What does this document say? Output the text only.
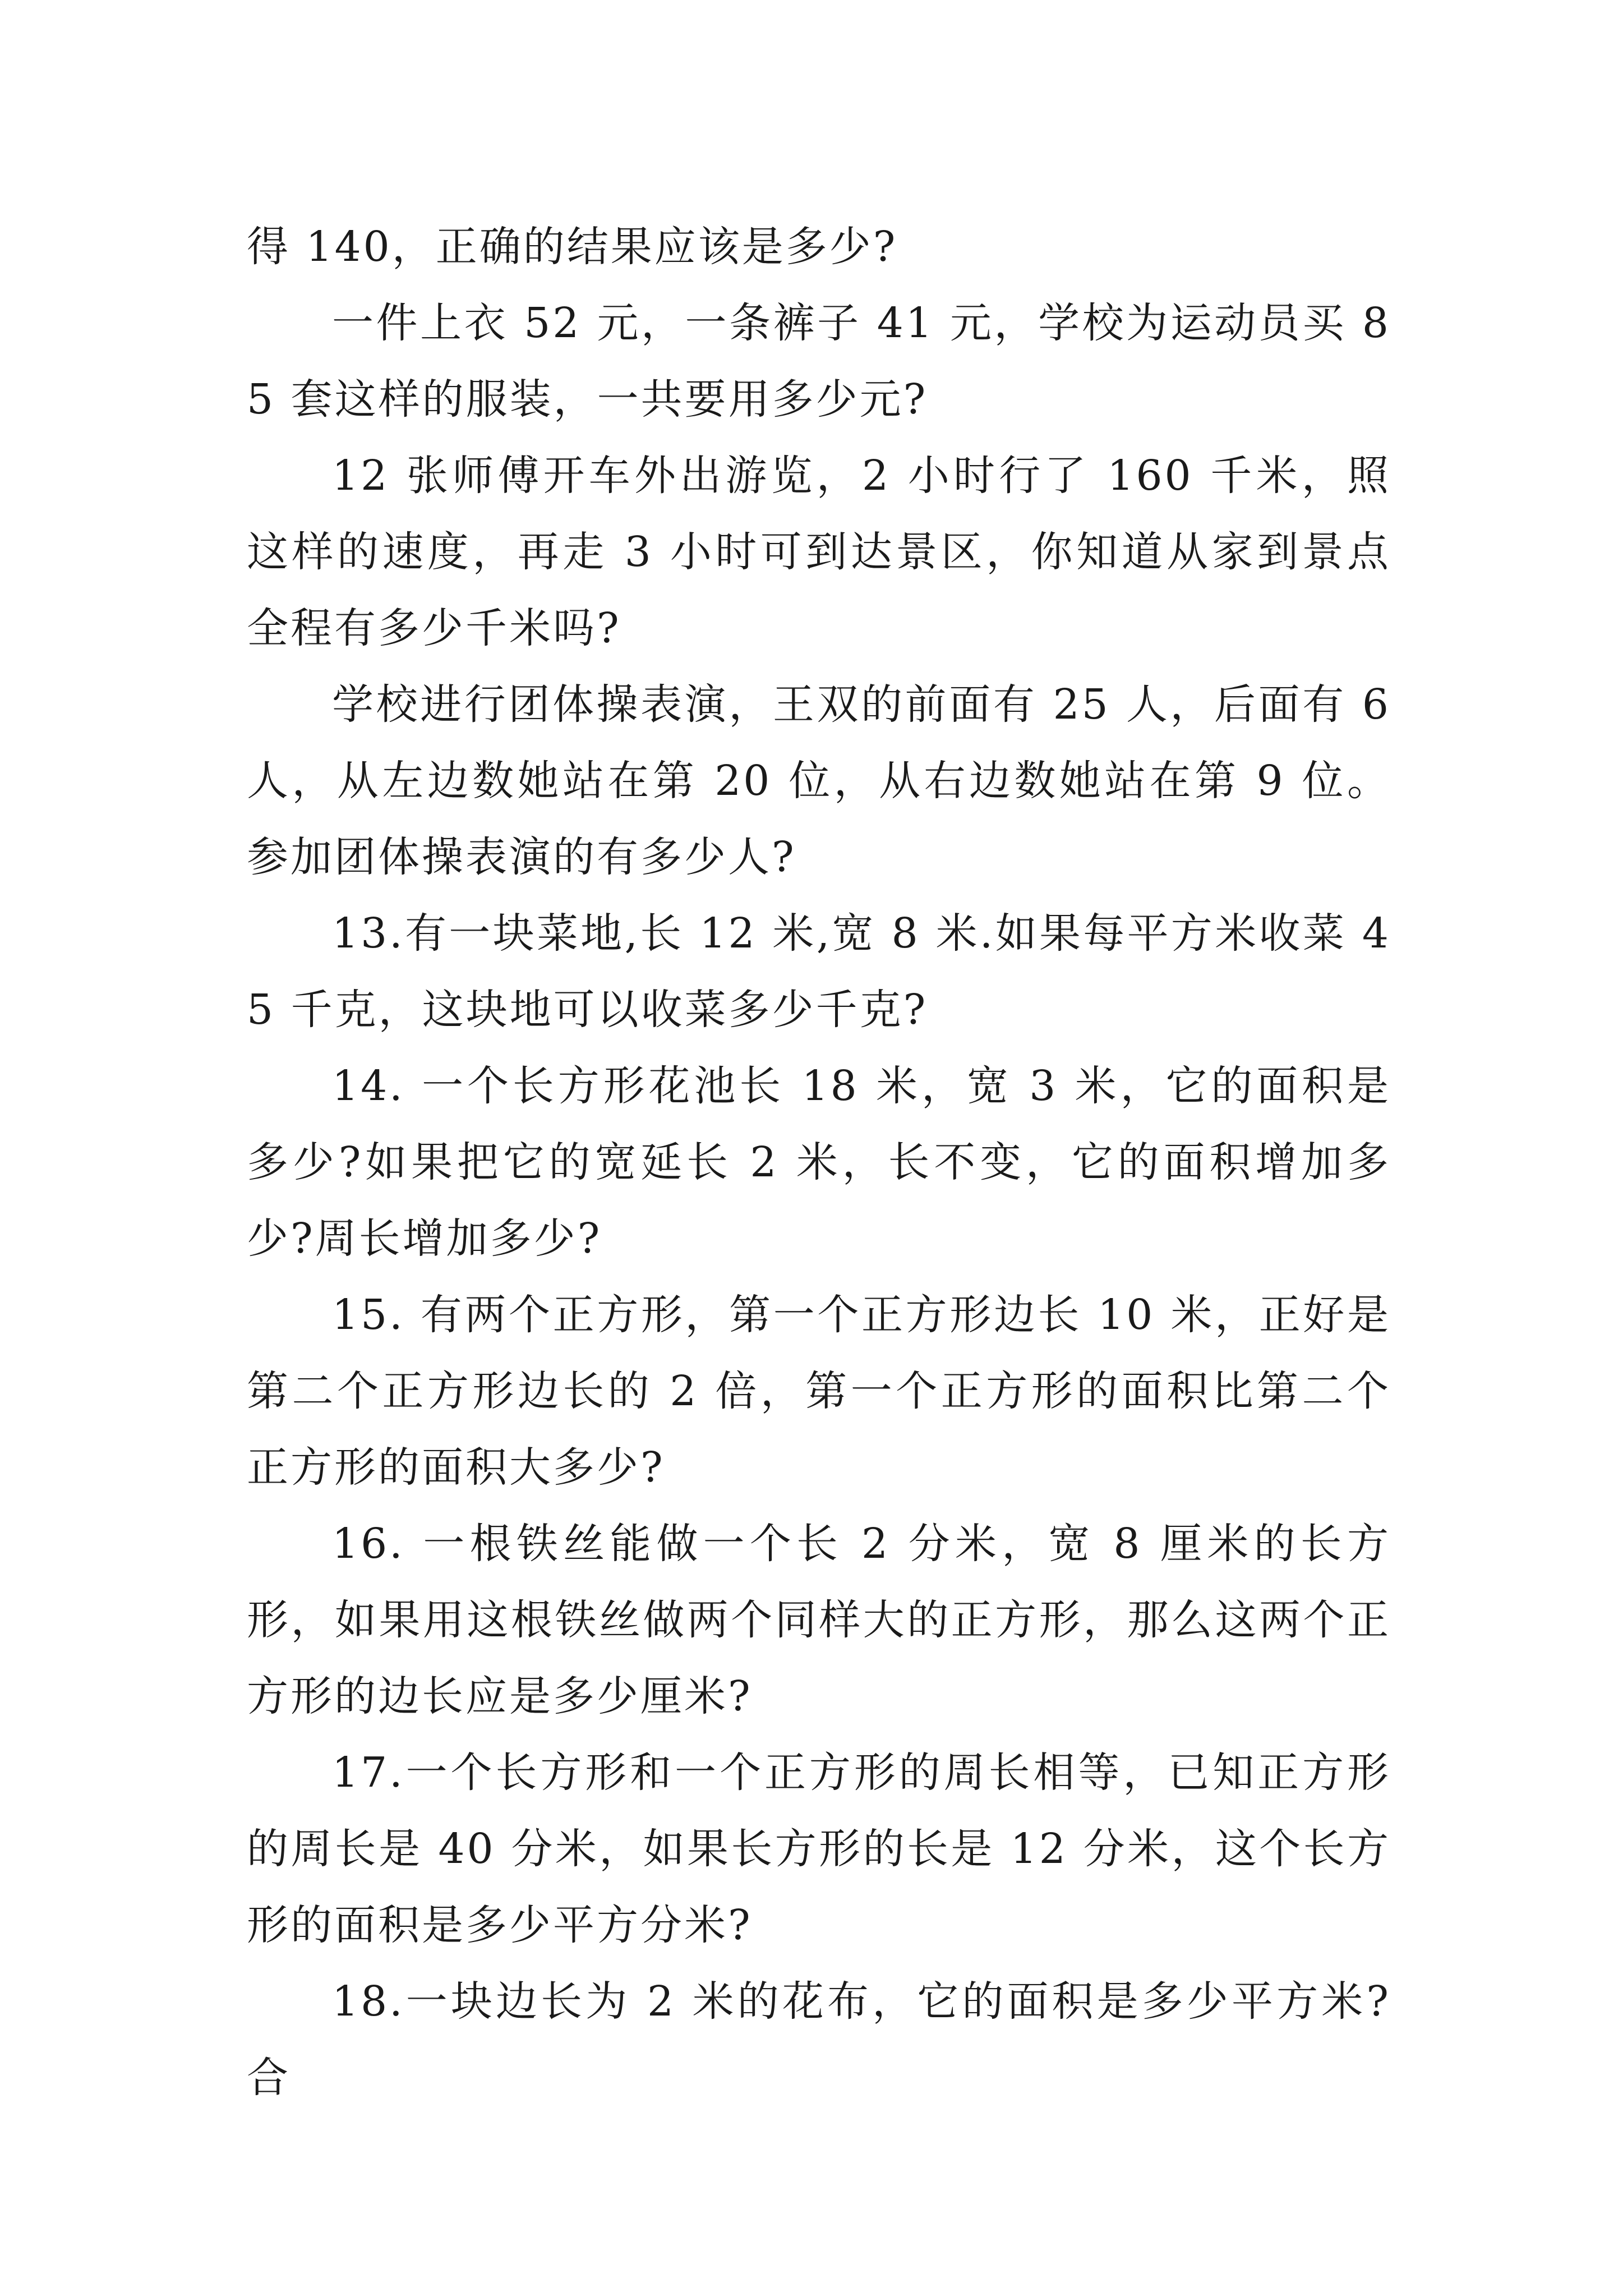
得 140，正确的结果应该是多少?

一件上衣 52 元，一条裤子 41 元，学校为运动员买 85 套这样的服装，一共要用多少元?

12 张师傅开车外出游览，2 小时行了 160 千米，照这样的速度，再走 3 小时可到达景区，你知道从家到景点全程有多少千米吗?

学校进行团体操表演，王双的前面有 25 人，后面有 6 人，从左边数她站在第 20 位，从右边数她站在第 9 位。参加团体操表演的有多少人?

13.有一块菜地,长 12 米,宽 8 米.如果每平方米收菜 45 千克，这块地可以收菜多少千克?

14. 一个长方形花池长 18 米，宽 3 米，它的面积是多少?如果把它的宽延长 2 米，长不变，它的面积增加多少?周长增加多少?

15. 有两个正方形，第一个正方形边长 10 米，正好是第二个正方形边长的 2 倍，第一个正方形的面积比第二个正方形的面积大多少?

16. 一根铁丝能做一个长 2 分米，宽 8 厘米的长方形，如果用这根铁丝做两个同样大的正方形，那么这两个正方形的边长应是多少厘米?

17.一个长方形和一个正方形的周长相等，已知正方形的周长是 40 分米，如果长方形的长是 12 分米，这个长方形的面积是多少平方分米?

18.一块边长为 2 米的花布，它的面积是多少平方米?合
